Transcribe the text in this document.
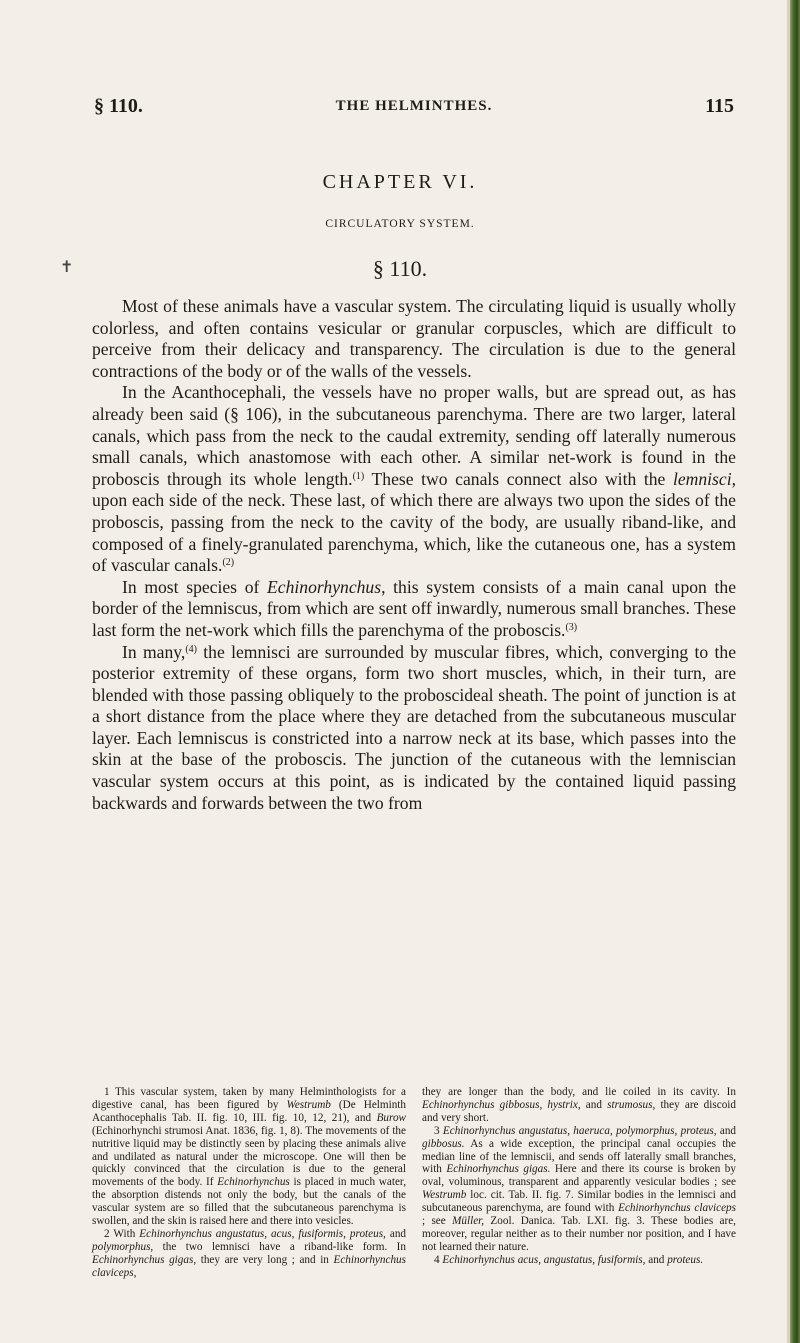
§ 110.	THE HELMINTHES.	115
CHAPTER VI.
CIRCULATORY SYSTEM.
✝	§ 110.

Most of these animals have a vascular system. The circulating liquid is usually wholly colorless, and often contains vesicular or granular corpuscles, which are difficult to perceive from their delicacy and transparency. The circulation is due to the general contractions of the body or of the walls of the vessels.

In the Acanthocephali, the vessels have no proper walls, but are spread out, as has already been said (§ 106), in the subcutaneous parenchyma. There are two larger, lateral canals, which pass from the neck to the caudal extremity, sending off laterally numerous small canals, which anastomose with each other. A similar net-work is found in the proboscis through its whole length.$^{(1)}$ These two canals connect also with the lemnisci, upon each side of the neck. These last, of which there are always two upon the sides of the proboscis, passing from the neck to the cavity of the body, are usually riband-like, and composed of a finely-granulated parenchyma, which, like the cutaneous one, has a system of vascular canals.$^{(2)}$

In most species of Echinorhynchus, this system consists of a main canal upon the border of the lemniscus, from which are sent off inwardly, numerous small branches. These last form the net-work which fills the parenchyma of the proboscis.$^{(3)}$

In many,$^{(4)}$ the lemnisci are surrounded by muscular fibres, which, converging to the posterior extremity of these organs, form two short muscles, which, in their turn, are blended with those passing obliquely to the proboscideal sheath. The point of junction is at a short distance from the place where they are detached from the subcutaneous muscular layer. Each lemniscus is constricted into a narrow neck at its base, which passes into the skin at the base of the proboscis. The junction of the cutaneous with the lemniscian vascular system occurs at this point, as is indicated by the contained liquid passing backwards and forwards between the two from

1 This vascular system, taken by many Helminthologists for a digestive canal, has been figured by Westrumb (De Helminth Acanthocephalis Tab. II. fig. 10, III. fig. 10, 12, 21), and Burow (Echinorhynchi strumosi Anat. 1836, fig. 1, 8). The movements of the nutritive liquid may be distinctly seen by placing these animals alive and undilated as natural under the microscope. One will then be quickly convinced that the circulation is due to the general movements of the body. If Echinorhynchus is placed in much water, the absorption distends not only the body, but the canals of the vascular system are so filled that the subcutaneous parenchyma is swollen, and the skin is raised here and there into vesicles.

2 With Echinorhynchus angustatus, acus, fusiformis, proteus, and polymorphus, the two lemnisci have a riband-like form. In Echinorhynchus gigas, they are very long ; and in Echinorhynchus claviceps,

they are longer than the body, and lie coiled in its cavity. In Echinorhynchus gibbosus, hystrix, and strumosus, they are discoid and very short.

3 Echinorhynchus angustatus, haeruca, polymorphus, proteus, and gibbosus. As a wide exception, the principal canal occupies the median line of the lemniscii, and sends off laterally small branches, with Echinorhynchus gigas. Here and there its course is broken by oval, voluminous, transparent and apparently vesicular bodies ; see Westrumb loc. cit. Tab. II. fig. 7. Similar bodies in the lemnisci and subcutaneous parenchyma, are found with Echinorhynchus claviceps ; see Müller, Zool. Danica. Tab. LXI. fig. 3. These bodies are, moreover, regular neither as to their number nor position, and I have not learned their nature.

4 Echinorhynchus acus, angustatus, fusiformis, and proteus.
